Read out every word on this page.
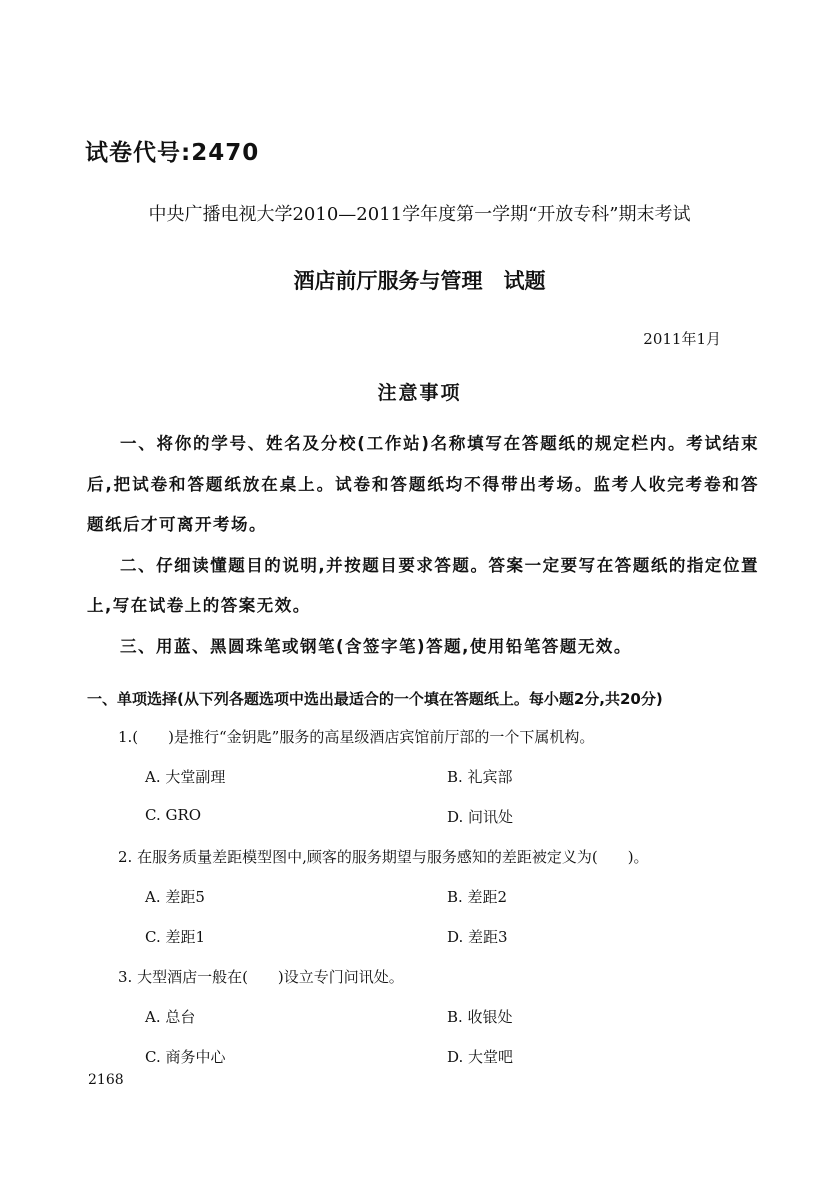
试卷代号:2470
中央广播电视大学2010—2011学年度第一学期“开放专科”期末考试
酒店前厅服务与管理　试题
2011年1月
注意事项

一、将你的学号、姓名及分校(工作站)名称填写在答题纸的规定栏内。考试结束后,把试卷和答题纸放在桌上。试卷和答题纸均不得带出考场。监考人收完考卷和答题纸后才可离开考场。

二、仔细读懂题目的说明,并按题目要求答题。答案一定要写在答题纸的指定位置上,写在试卷上的答案无效。

三、用蓝、黑圆珠笔或钢笔(含签字笔)答题,使用铅笔答题无效。

一、单项选择(从下列各题选项中选出最适合的一个填在答题纸上。每小题2分,共20分)
1.(　　)是推行“金钥匙”服务的高星级酒店宾馆前厅部的一个下属机构。
A. 大堂副理	B. 礼宾部
C. GRO	D. 问讯处
2. 在服务质量差距模型图中,顾客的服务期望与服务感知的差距被定义为(　　)。
A. 差距5	B. 差距2
C. 差距1	D. 差距3
3. 大型酒店一般在(　　)设立专门问讯处。
A. 总台	B. 收银处
C. 商务中心	D. 大堂吧
2168
